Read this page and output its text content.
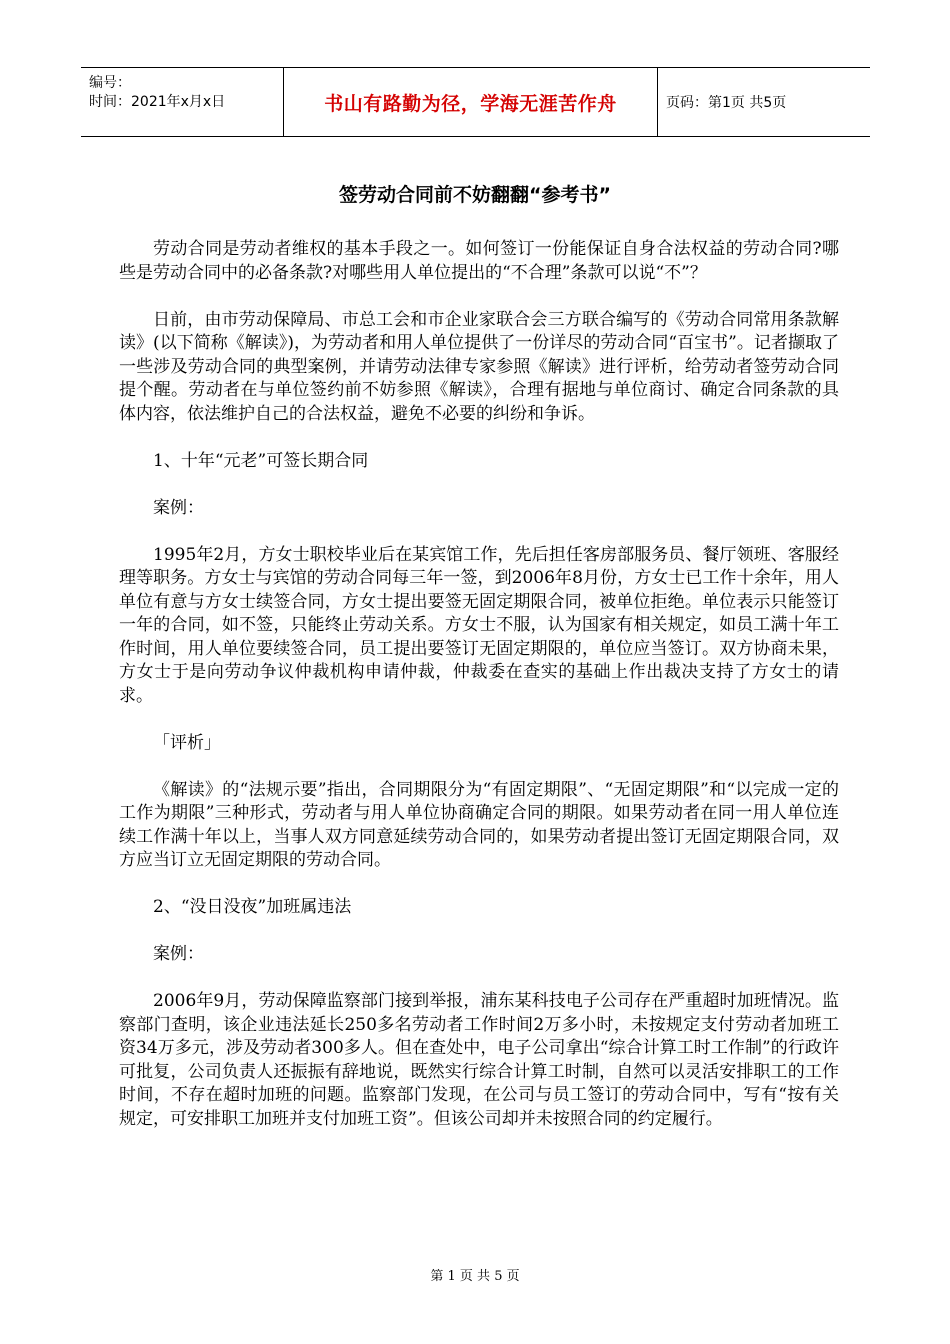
编号：
时间：2021年x月x日	书山有路勤为径，学海无涯苦作舟	页码：第1页 共5页
签劳动合同前不妨翻翻“参考书”

劳动合同是劳动者维权的基本手段之一。如何签订一份能保证自身合法权益的劳动合同?哪些是劳动合同中的必备条款?对哪些用人单位提出的“不合理”条款可以说“不”？

日前，由市劳动保障局、市总工会和市企业家联合会三方联合编写的《劳动合同常用条款解读》(以下简称《解读》)，为劳动者和用人单位提供了一份详尽的劳动合同“百宝书”。记者撷取了一些涉及劳动合同的典型案例，并请劳动法律专家参照《解读》进行评析，给劳动者签劳动合同提个醒。劳动者在与单位签约前不妨参照《解读》，合理有据地与单位商讨、确定合同条款的具体内容，依法维护自己的合法权益，避免不必要的纠纷和争诉。

1、十年“元老”可签长期合同

案例：

1995年2月，方女士职校毕业后在某宾馆工作，先后担任客房部服务员、餐厅领班、客服经理等职务。方女士与宾馆的劳动合同每三年一签，到2006年8月份，方女士已工作十余年，用人单位有意与方女士续签合同，方女士提出要签无固定期限合同，被单位拒绝。单位表示只能签订一年的合同，如不签，只能终止劳动关系。方女士不服，认为国家有相关规定，如员工满十年工作时间，用人单位要续签合同，员工提出要签订无固定期限的，单位应当签订。双方协商未果，方女士于是向劳动争议仲裁机构申请仲裁，仲裁委在查实的基础上作出裁决支持了方女士的请求。

「评析」

《解读》的“法规示要”指出，合同期限分为“有固定期限”、“无固定期限”和“以完成一定的工作为期限”三种形式，劳动者与用人单位协商确定合同的期限。如果劳动者在同一用人单位连续工作满十年以上，当事人双方同意延续劳动合同的，如果劳动者提出签订无固定期限合同，双方应当订立无固定期限的劳动合同。

2、“没日没夜”加班属违法

案例：

2006年9月，劳动保障监察部门接到举报，浦东某科技电子公司存在严重超时加班情况。监察部门查明，该企业违法延长250多名劳动者工作时间2万多小时，未按规定支付劳动者加班工资34万多元，涉及劳动者300多人。但在查处中，电子公司拿出“综合计算工时工作制”的行政许可批复，公司负责人还振振有辞地说，既然实行综合计算工时制，自然可以灵活安排职工的工作时间，不存在超时加班的问题。监察部门发现，在公司与员工签订的劳动合同中，写有“按有关规定，可安排职工加班并支付加班工资”。但该公司却并未按照合同的约定履行。

第 1 页 共 5 页
